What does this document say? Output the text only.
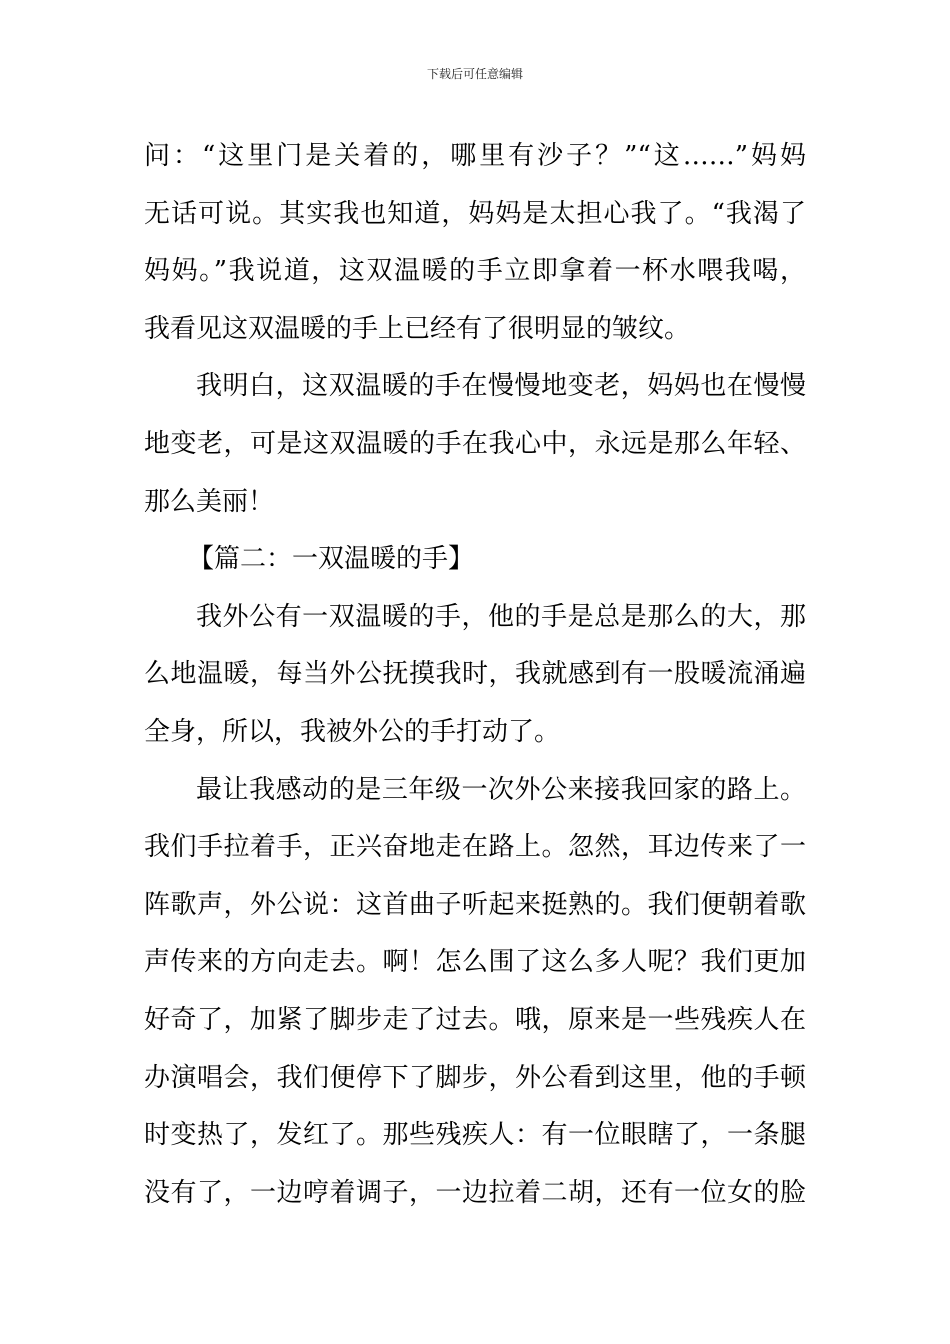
下载后可任意编辑
问：“这里门是关着的，哪里有沙子？”“这……”妈妈
无话可说。其实我也知道，妈妈是太担心我了。“我渴了
妈妈。”我说道，这双温暖的手立即拿着一杯水喂我喝，
我看见这双温暖的手上已经有了很明显的皱纹。
我明白，这双温暖的手在慢慢地变老，妈妈也在慢慢
地变老，可是这双温暖的手在我心中，永远是那么年轻、
那么美丽！
【篇二：一双温暖的手】
我外公有一双温暖的手，他的手是总是那么的大，那
么地温暖，每当外公抚摸我时，我就感到有一股暖流涌遍
全身，所以，我被外公的手打动了。
最让我感动的是三年级一次外公来接我回家的路上。
我们手拉着手，正兴奋地走在路上。忽然，耳边传来了一
阵歌声，外公说：这首曲子听起来挺熟的。我们便朝着歌
声传来的方向走去。啊！怎么围了这么多人呢？我们更加
好奇了，加紧了脚步走了过去。哦，原来是一些残疾人在
办演唱会，我们便停下了脚步，外公看到这里，他的手顿
时变热了，发红了。那些残疾人：有一位眼瞎了，一条腿
没有了，一边哼着调子，一边拉着二胡，还有一位女的脸
